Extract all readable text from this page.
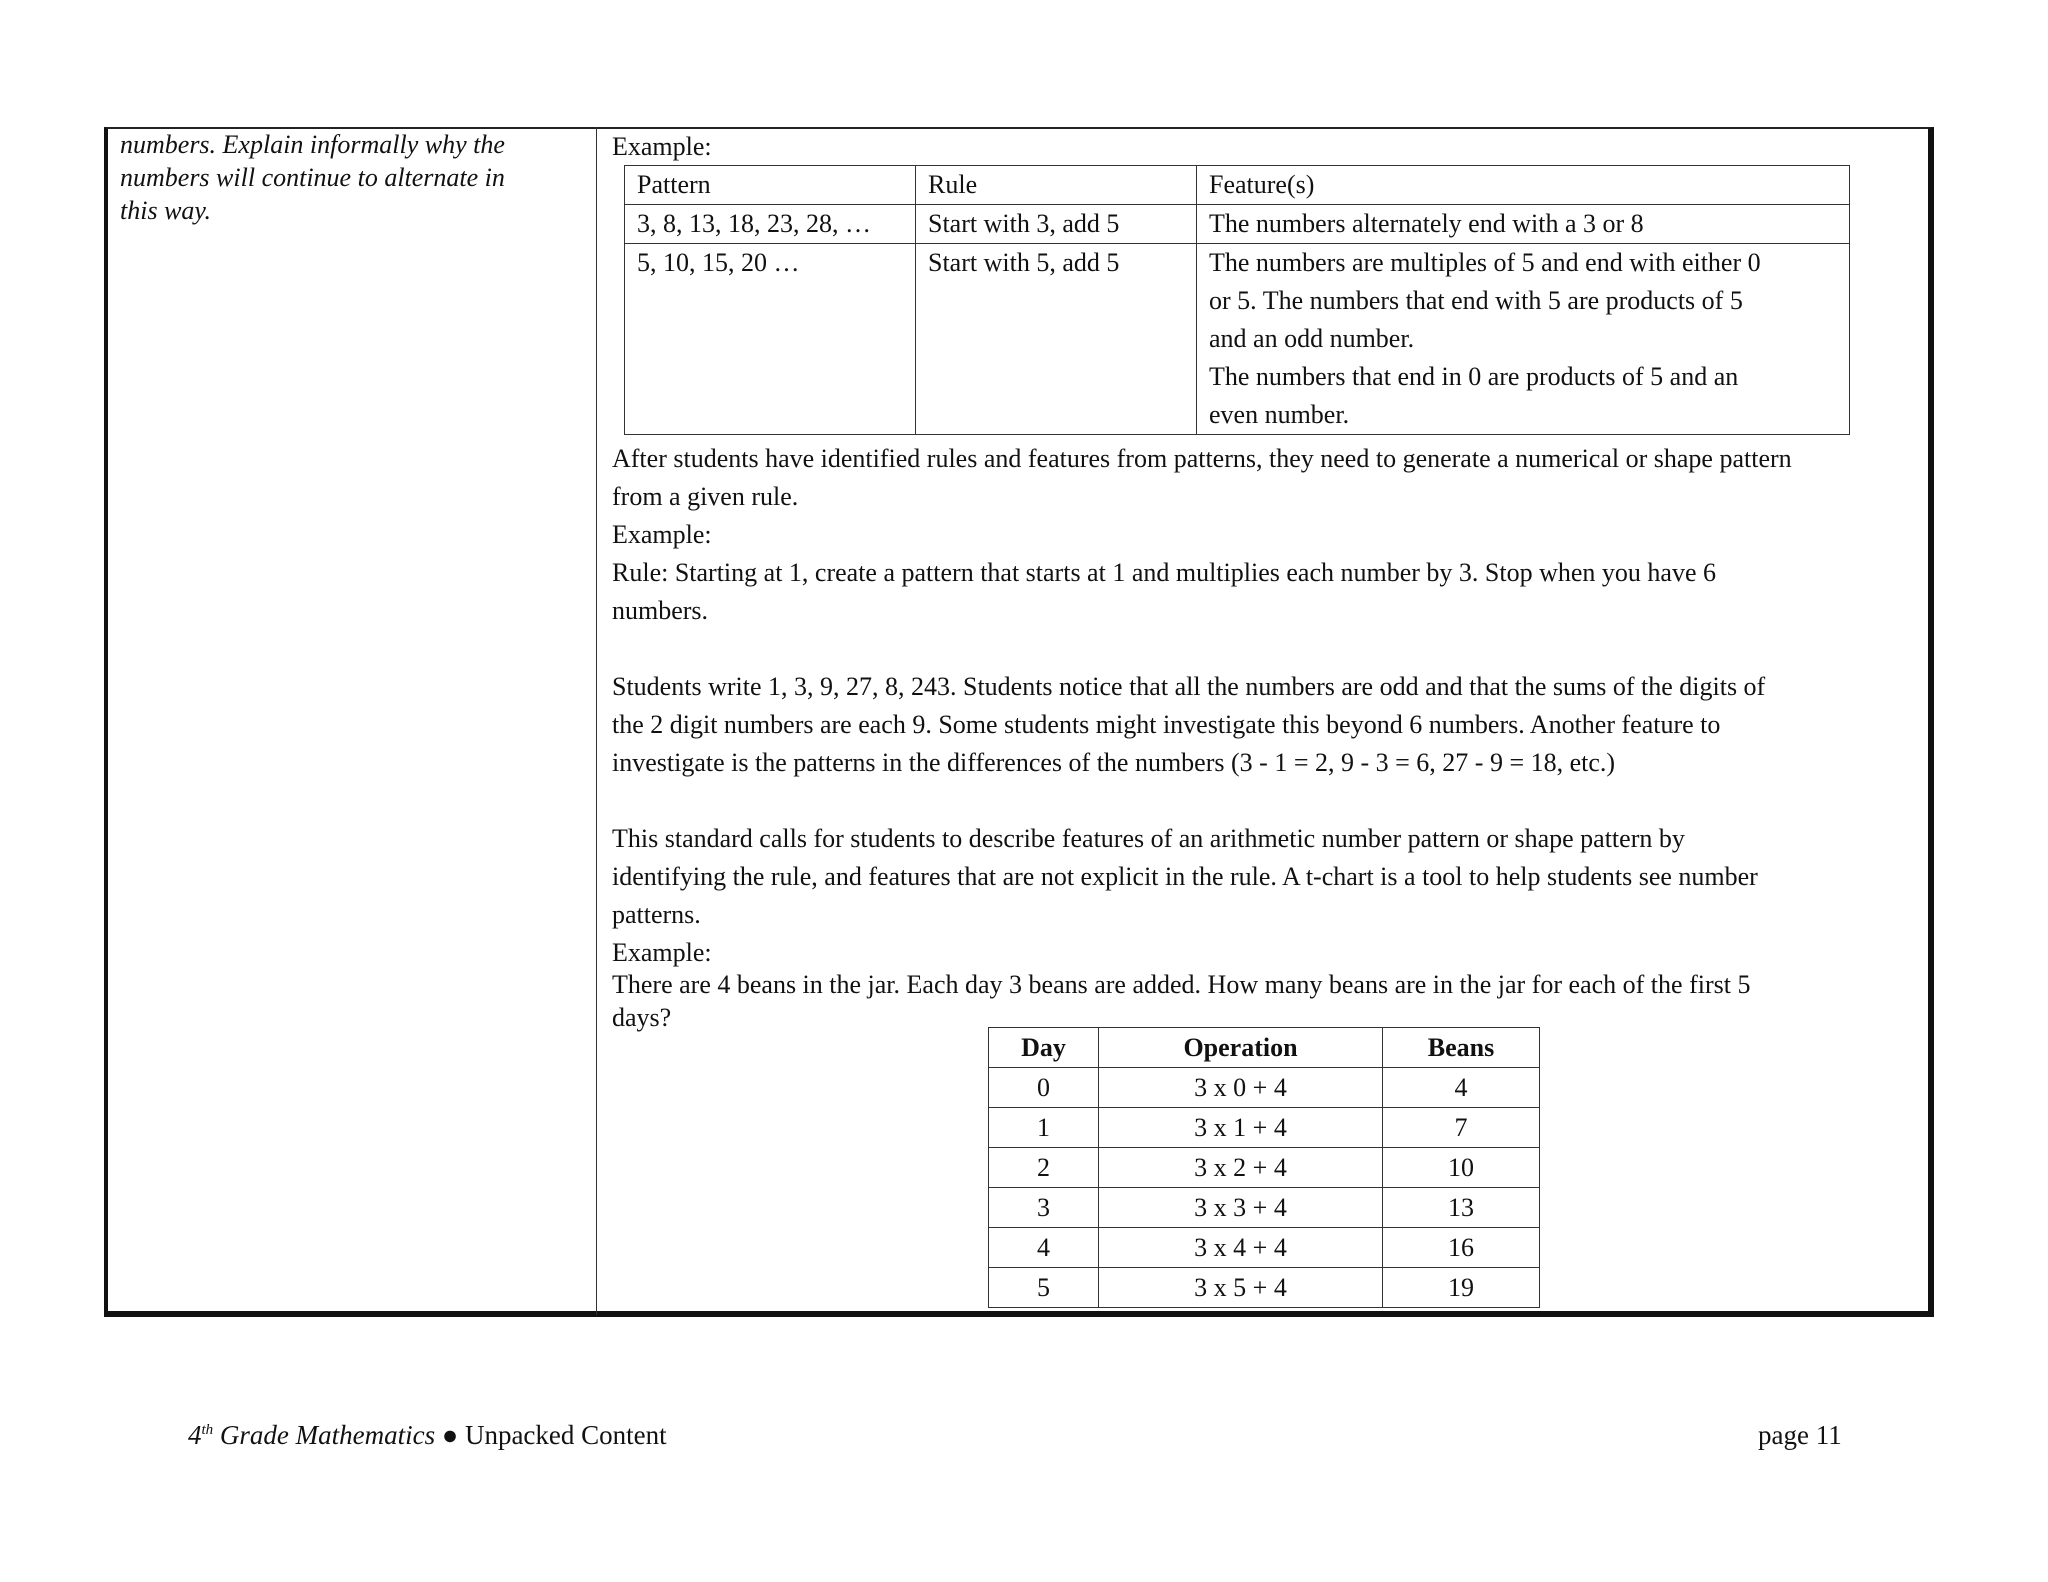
numbers. Explain informally why the
numbers will continue to alternate in
this way.
Example:
Pattern	Rule	Feature(s)
3, 8, 13, 18, 23, 28, …	Start with 3, add 5	The numbers alternately end with a 3 or 8

5, 10, 15, 20 …	Start with 5, add 5	The numbers are multiples of 5 and end with either 0
or 5. The numbers that end with 5 are products of 5
and an odd number.
The numbers that end in 0 are products of 5 and an
even number.
After students have identified rules and features from patterns, they need to generate a numerical or shape pattern
from a given rule.
Example:
Rule: Starting at 1, create a pattern that starts at 1 and multiplies each number by 3. Stop when you have 6
numbers.
Students write 1, 3, 9, 27, 8, 243. Students notice that all the numbers are odd and that the sums of the digits of
the 2 digit numbers are each 9. Some students might investigate this beyond 6 numbers. Another feature to
investigate is the patterns in the differences of the numbers (3 - 1 = 2, 9 - 3 = 6, 27 - 9 = 18, etc.)
This standard calls for students to describe features of an arithmetic number pattern or shape pattern by
identifying the rule, and features that are not explicit in the rule. A t-chart is a tool to help students see number
patterns.
Example:
There are 4 beans in the jar. Each day 3 beans are added. How many beans are in the jar for each of the first 5
days?
Day	Operation	Beans
0	3 x 0 + 4	4
1	3 x 1 + 4	7
2	3 x 2 + 4	10
3	3 x 3 + 4	13
4	3 x 4 + 4	16
5	3 x 5 + 4	19
4th Grade Mathematics ● Unpacked Content	page 11
